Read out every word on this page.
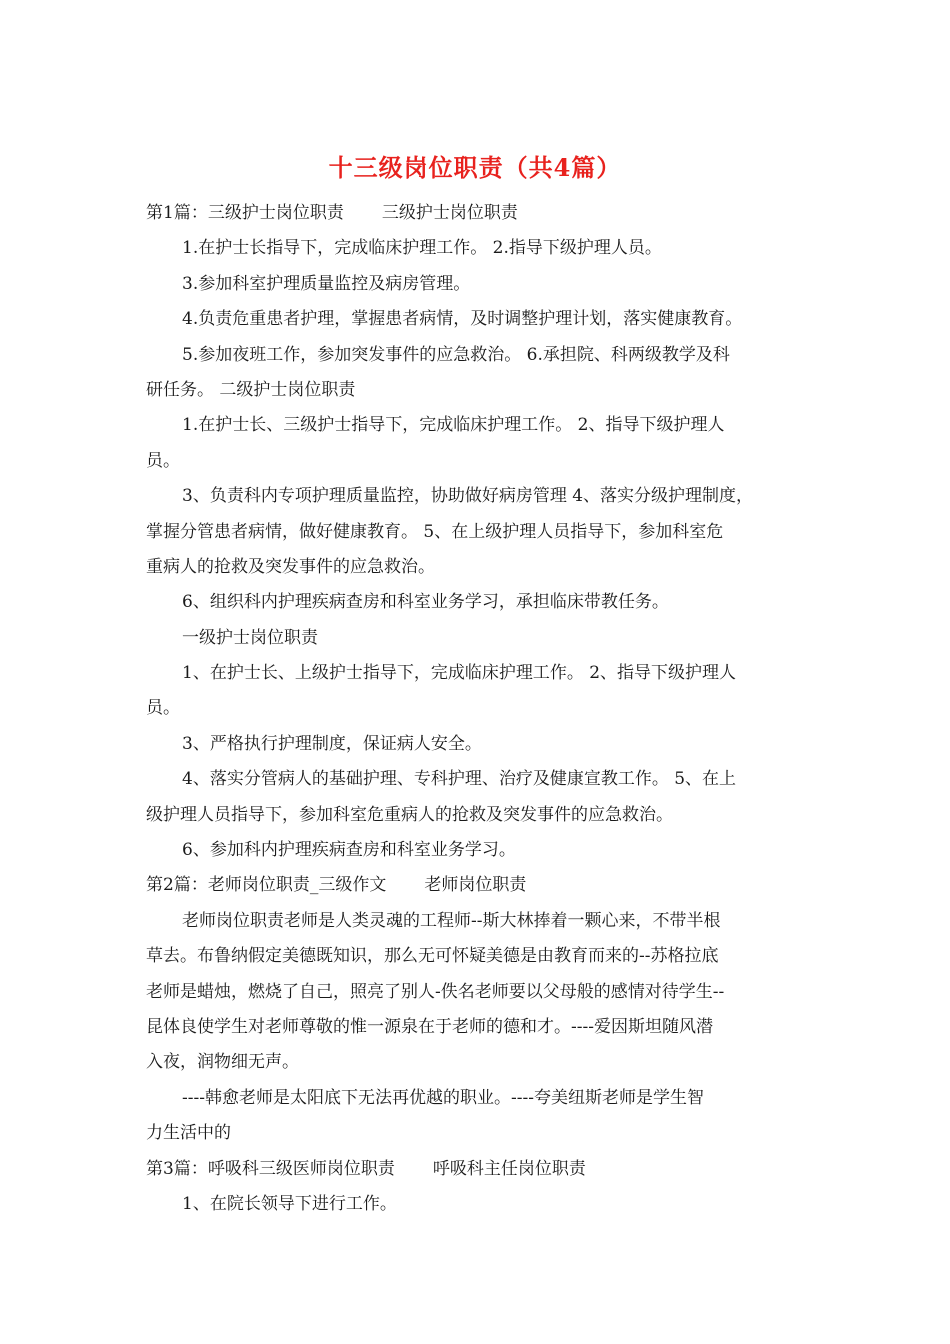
十三级岗位职责（共4篇）
第1篇：三级护士岗位职责 三级护士岗位职责
1.在护士长指导下，完成临床护理工作。 2.指导下级护理人员。
3.参加科室护理质量监控及病房管理。
4.负责危重患者护理，掌握患者病情，及时调整护理计划，落实健康教育。
5.参加夜班工作，参加突发事件的应急救治。 6.承担院、科两级教学及科
研任务。 二级护士岗位职责
1.在护士长、三级护士指导下，完成临床护理工作。 2、指导下级护理人
员。
3、负责科内专项护理质量监控，协助做好病房管理 4、落实分级护理制度，
掌握分管患者病情，做好健康教育。 5、在上级护理人员指导下，参加科室危
重病人的抢救及突发事件的应急救治。
6、组织科内护理疾病查房和科室业务学习，承担临床带教任务。
一级护士岗位职责
1、在护士长、上级护士指导下，完成临床护理工作。 2、指导下级护理人
员。
3、严格执行护理制度，保证病人安全。
4、落实分管病人的基础护理、专科护理、治疗及健康宣教工作。 5、在上
级护理人员指导下，参加科室危重病人的抢救及突发事件的应急救治。
6、参加科内护理疾病查房和科室业务学习。
第2篇：老师岗位职责_三级作文 老师岗位职责
老师岗位职责老师是人类灵魂的工程师--斯大林捧着一颗心来，不带半根
草去。布鲁纳假定美德既知识，那么无可怀疑美德是由教育而来的--苏格拉底
老师是蜡烛，燃烧了自己，照亮了别人-佚名老师要以父母般的感情对待学生--
昆体良使学生对老师尊敬的惟一源泉在于老师的德和才。----爱因斯坦随风潜
入夜，润物细无声。
----韩愈老师是太阳底下无法再优越的职业。----夸美纽斯老师是学生智
力生活中的
第3篇：呼吸科三级医师岗位职责 呼吸科主任岗位职责
1、在院长领导下进行工作。
